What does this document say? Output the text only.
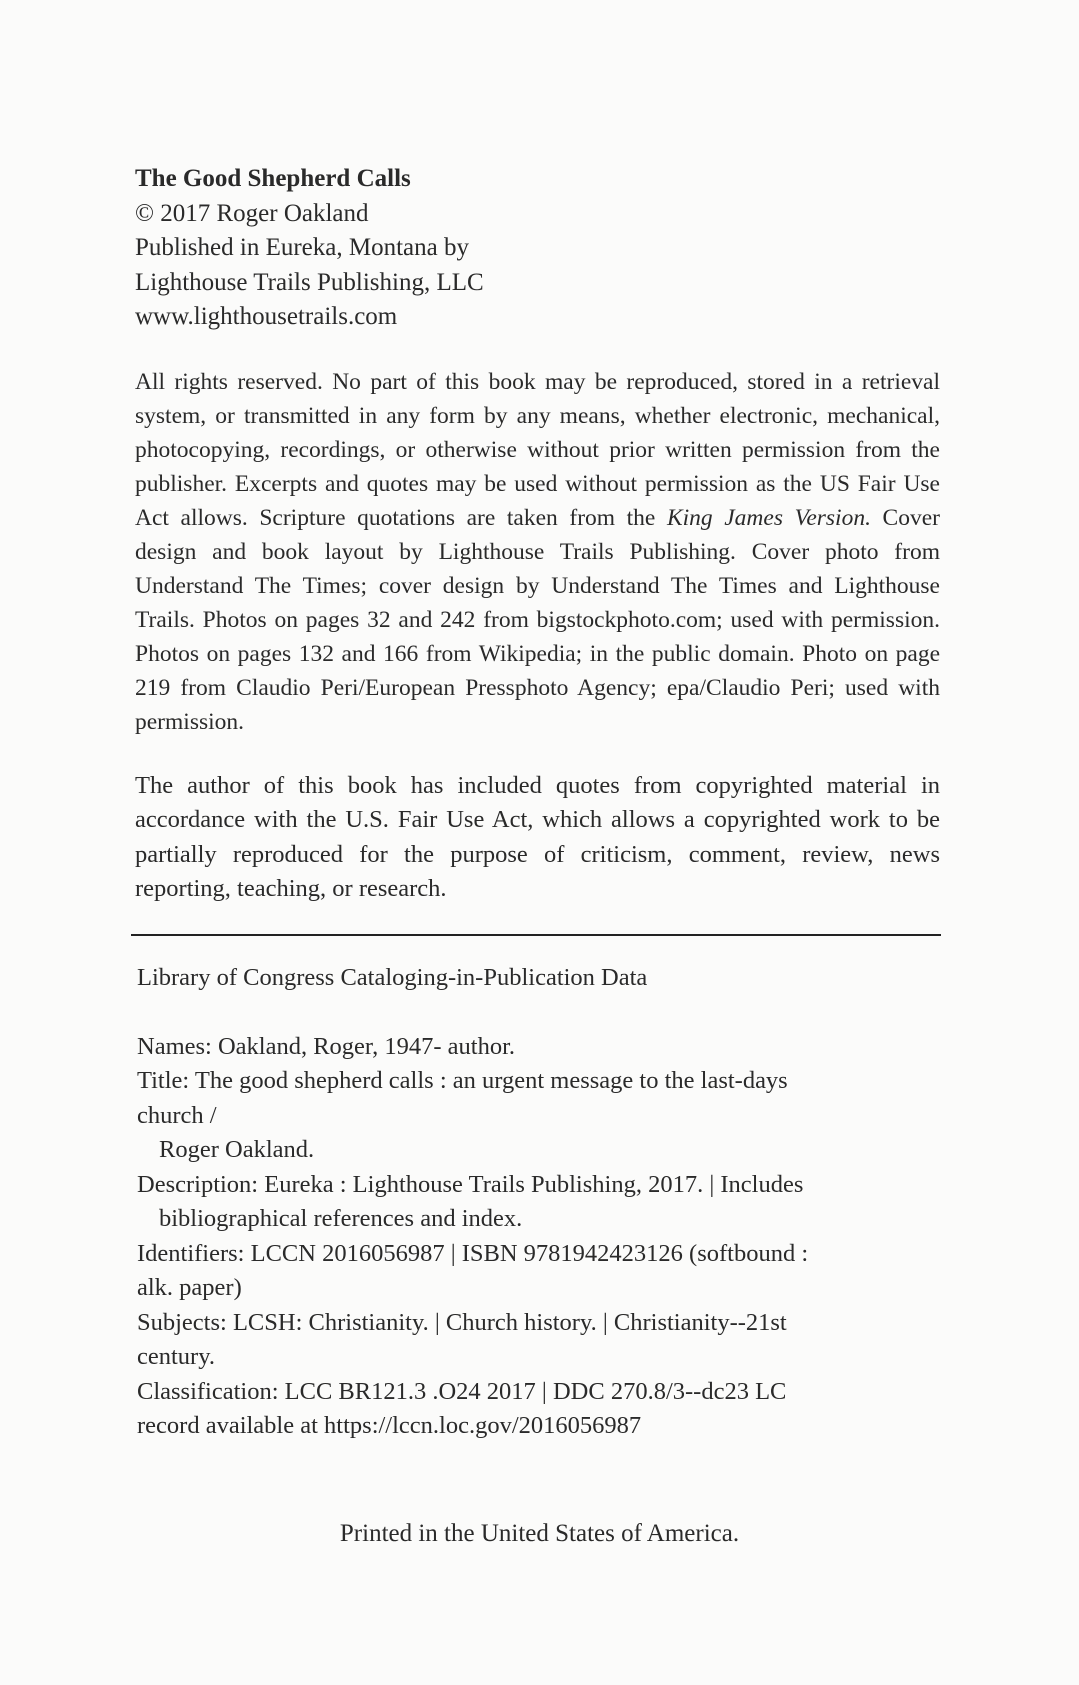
The Good Shepherd Calls
© 2017 Roger Oakland
Published in Eureka, Montana by
Lighthouse Trails Publishing, LLC
www.lighthousetrails.com
All rights reserved. No part of this book may be reproduced, stored in a retrieval system, or transmitted in any form by any means, whether electronic, mechanical, photocopying, recordings, or otherwise without prior written permission from the publisher. Excerpts and quotes may be used without permission as the US Fair Use Act allows. Scripture quotations are taken from the King James Version. Cover design and book layout by Lighthouse Trails Publishing. Cover photo from Understand The Times; cover design by Understand The Times and Lighthouse Trails. Photos on pages 32 and 242 from bigstockphoto.com; used with permission. Photos on pages 132 and 166 from Wikipedia; in the public domain. Photo on page 219 from Claudio Peri/European Pressphoto Agency; epa/Claudio Peri; used with permission.
The author of this book has included quotes from copyrighted material in accordance with the U.S. Fair Use Act, which allows a copyrighted work to be partially reproduced for the purpose of criticism, comment, review, news reporting, teaching, or research.
Library of Congress Cataloging-in-Publication Data
Names: Oakland, Roger, 1947- author.
Title: The good shepherd calls : an urgent message to the last-days
church /
Roger Oakland.
Description: Eureka : Lighthouse Trails Publishing, 2017. | Includes
bibliographical references and index.
Identifiers: LCCN 2016056987 | ISBN 9781942423126 (softbound :
alk. paper)
Subjects: LCSH: Christianity. | Church history. | Christianity--21st
century.
Classification: LCC BR121.3 .O24 2017 | DDC 270.8/3--dc23 LC
record available at https://lccn.loc.gov/2016056987
Printed in the United States of America.
